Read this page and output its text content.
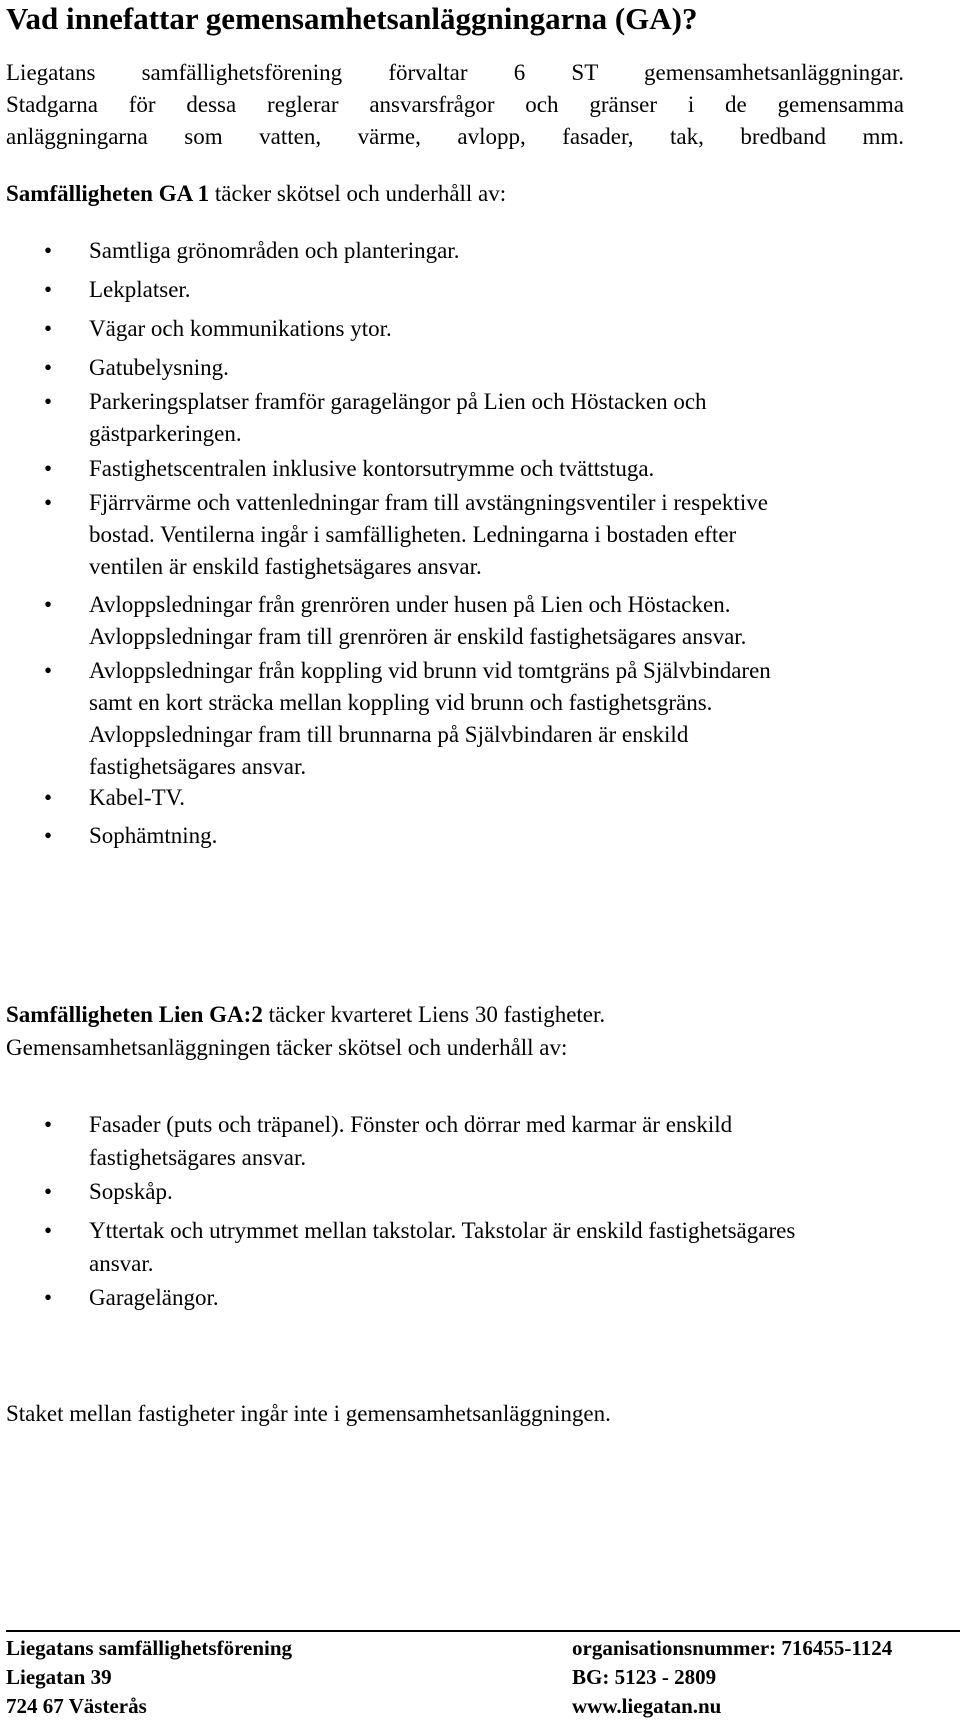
Vad innefattar gemensamhetsanläggningarna (GA)?

Liegatans samfällighetsförening förvaltar 6 ST gemensamhetsanläggningar.

Stadgarna för dessa reglerar ansvarsfrågor och gränser i de gemensamma

anläggningarna som vatten, värme, avlopp, fasader, tak, bredband mm.

Samfälligheten GA 1 täcker skötsel och underhåll av:

• Samtliga grönområden och planteringar.
• Lekplatser.
• Vägar och kommunikations ytor.
• Gatubelysning.
• Parkeringsplatser framför garagelängor på Lien och Höstacken och
gästparkeringen.
• Fastighetscentralen inklusive kontorsutrymme och tvättstuga.
• Fjärrvärme och vattenledningar fram till avstängningsventiler i respektive
bostad. Ventilerna ingår i samfälligheten. Ledningarna i bostaden efter
ventilen är enskild fastighetsägares ansvar.
• Avloppsledningar från grenrören under husen på Lien och Höstacken.
Avloppsledningar fram till grenrören är enskild fastighetsägares ansvar.
• Avloppsledningar från koppling vid brunn vid tomtgräns på Självbindaren
samt en kort sträcka mellan koppling vid brunn och fastighetsgräns.
Avloppsledningar fram till brunnarna på Självbindaren är enskild
fastighetsägares ansvar.
• Kabel-TV.
• Sophämtning.

Samfälligheten Lien GA:2 täcker kvarteret Liens 30 fastigheter.

Gemensamhetsanläggningen täcker skötsel och underhåll av:

• Fasader (puts och träpanel). Fönster och dörrar med karmar är enskild
fastighetsägares ansvar.
• Sopskåp.
• Yttertak och utrymmet mellan takstolar. Takstolar är enskild fastighetsägares
ansvar.
• Garagelängor.

Staket mellan fastigheter ingår inte i gemensamhetsanläggningen.

Liegatans samfällighetsförening
Liegatan 39
724 67 Västerås
organisationsnummer: 716455-1124
BG: 5123 - 2809
www.liegatan.nu
